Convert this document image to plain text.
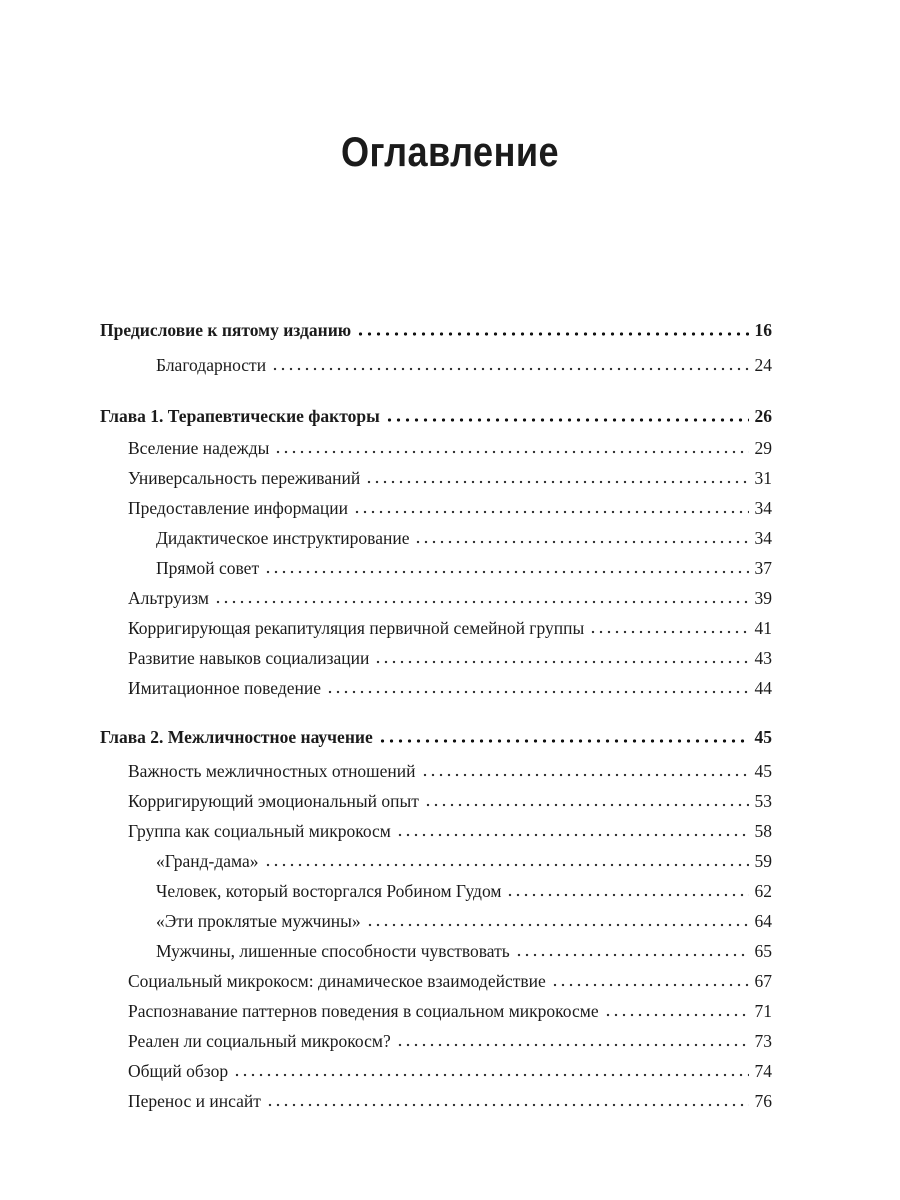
Оглавление
Предисловие к пятому изданию	16
Благодарности	24
Глава 1. Терапевтические факторы	26
Вселение надежды	29
Универсальность переживаний	31
Предоставление информации	34
Дидактическое инструктирование	34
Прямой совет	37
Альтруизм	39
Корригирующая рекапитуляция первичной семейной группы	41
Развитие навыков социализации	43
Имитационное поведение	44
Глава 2. Межличностное научение	45
Важность межличностных отношений	45
Корригирующий эмоциональный опыт	53
Группа как социальный микрокосм	58
«Гранд-дама»	59
Человек, который восторгался Робином Гудом	62
«Эти проклятые мужчины»	64
Мужчины, лишенные способности чувствовать	65
Социальный микрокосм: динамическое взаимодействие	67
Распознавание паттернов поведения в социальном микрокосме	71
Реален ли социальный микрокосм?	73
Общий обзор	74
Перенос и инсайт	76
